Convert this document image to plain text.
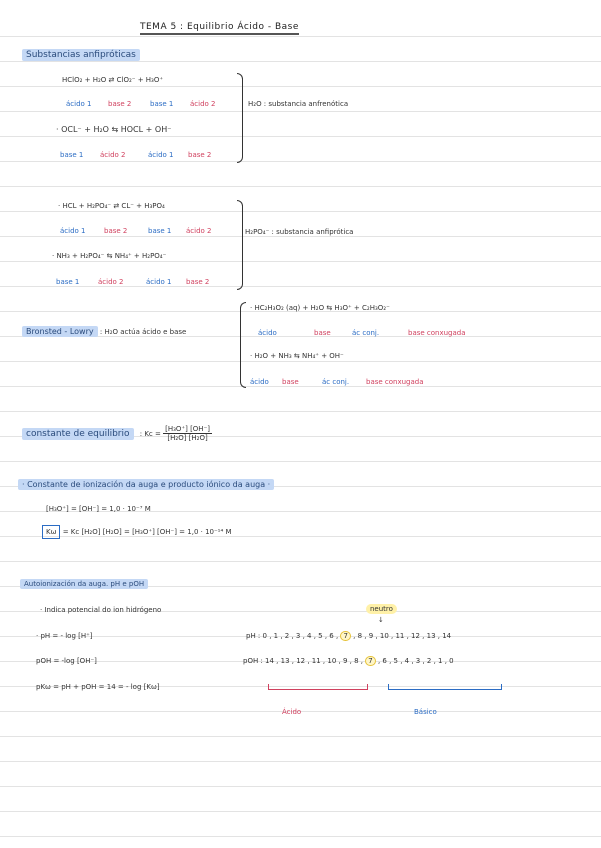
TEMA 5 : Equilibrio Ácido - Base
Substancias anfipróticas
HClO₂ + H₂O ⇄ ClO₂⁻ + H₃O⁺
ácido 1 base 2	base 1 ácido 2
· OCL⁻ + H₂O ⇆ HOCL + OH⁻
base 1 ácido 2	ácido 1 base 2
H₂O : substancia anfrenótica
· HCL + H₂PO₄⁻ ⇄ CL⁻ + H₃PO₄
ácido 1	base 2	base 1 ácido 2
· NH₃ + H₂PO₄⁻ ⇆ NH₄⁺ + H₂PO₄⁻
base 1	ácido 2	ácido 1 base 2
H₂PO₄⁻ : substancia anfiprótica
Bronsted - Lowry : H₂O actúa ácido e base
· HC₂H₃O₂ (aq) + H₂O ⇆ H₃O⁺ + C₂H₃O₂⁻
ácido	base	ác conj.	base conxugada
· H₂O + NH₃ ⇆ NH₄⁺ + OH⁻
ácido base	ác conj. base conxugada
constante de equilibrio : $Kc = \frac{\text{[H₃O⁺] [OH⁻]}}{\text{[H₂O] [H₂O]}}$
· Constante de ionización da auga e producto iónico da auga ·
[H₃O⁺] = [OH⁻] = 1,0 · 10⁻⁷ M
Kω = Kc [H₂O] [H₂O] = [H₃O⁺] [OH⁻] = 1,0 · 10⁻¹⁴ M
Autoionización da auga. pH e pOH
· Indica potencial do ion hidrógeno
· pH = - log [H⁺]
pOH = -log [OH⁻]
pKω = pH + pOH = 14 = - log [Kω]
neutro
↓
pH : 0 , 1 , 2 , 3 , 4 , 5 , 6 , 7 , 8 , 9 , 10 , 11 , 12 , 13 , 14
pOH : 14 , 13 , 12 , 11 , 10 , 9 , 8 , 7 , 6 , 5 , 4 , 3 , 2 , 1 , 0
Ácido	Básico
